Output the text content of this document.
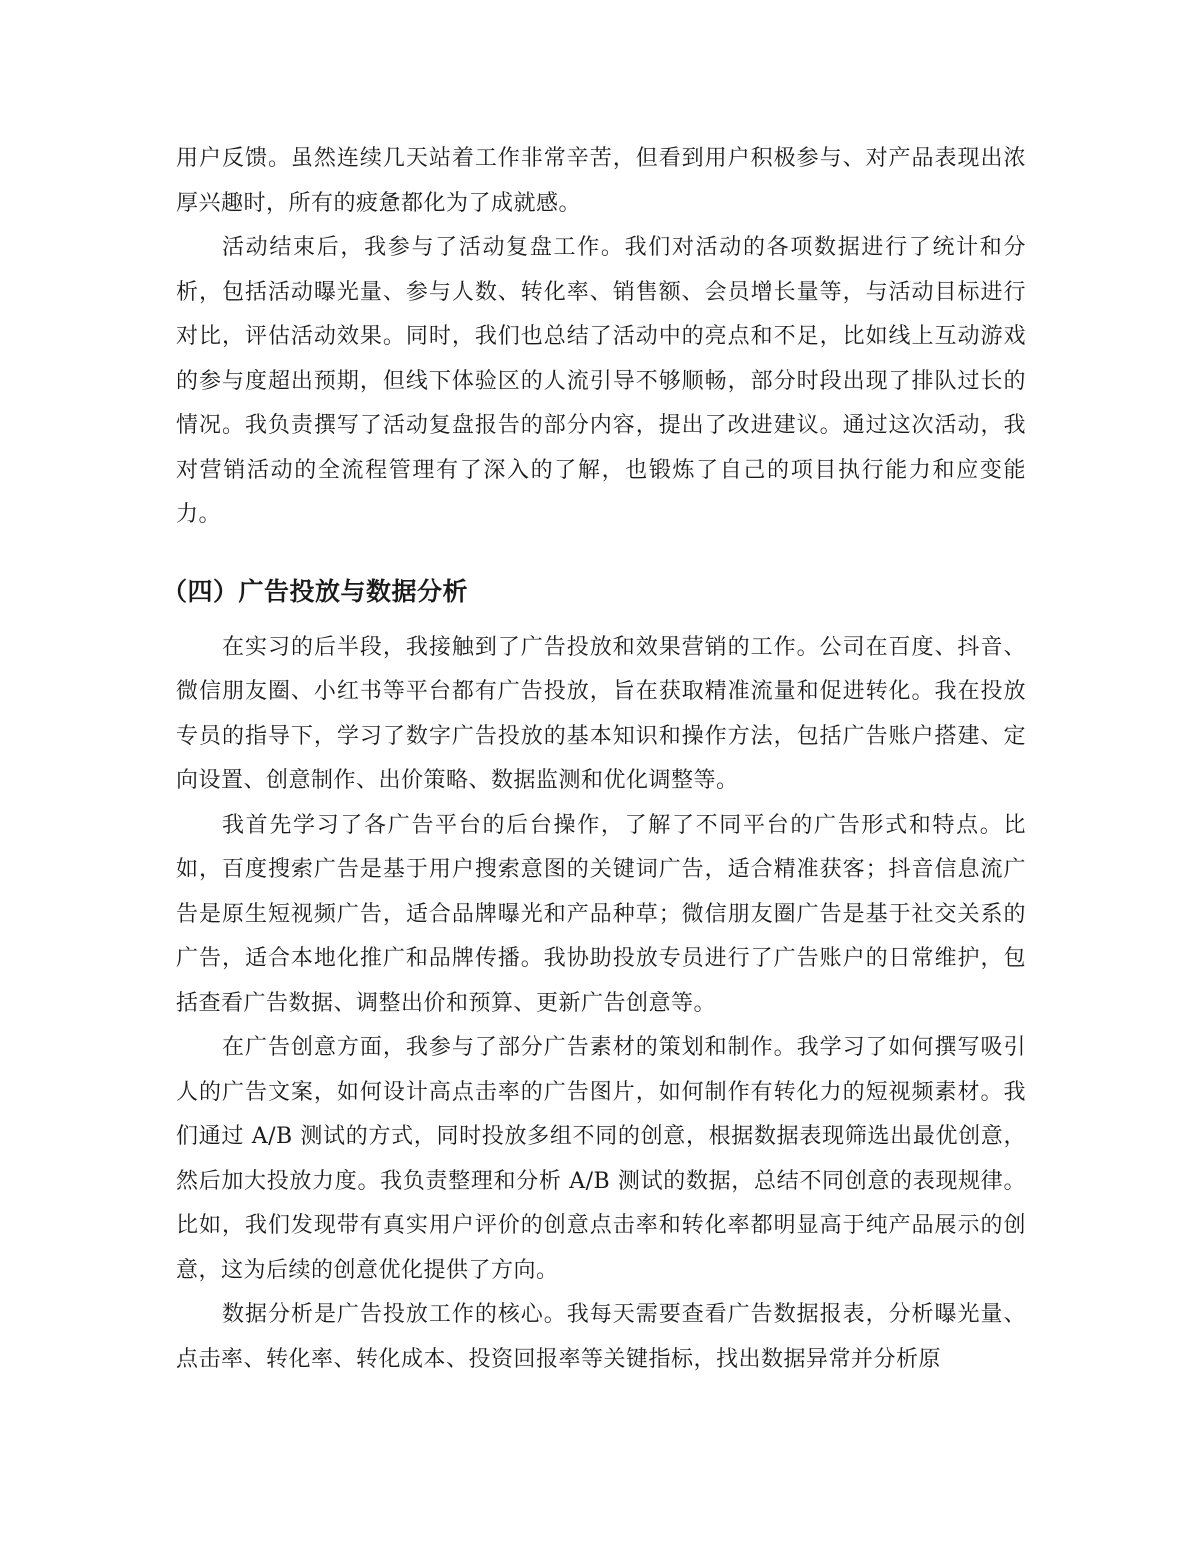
用户反馈。虽然连续几天站着工作非常辛苦，但看到用户积极参与、对产品表现出浓厚兴趣时，所有的疲惫都化为了成就感。

活动结束后，我参与了活动复盘工作。我们对活动的各项数据进行了统计和分析，包括活动曝光量、参与人数、转化率、销售额、会员增长量等，与活动目标进行对比，评估活动效果。同时，我们也总结了活动中的亮点和不足，比如线上互动游戏的参与度超出预期，但线下体验区的人流引导不够顺畅，部分时段出现了排队过长的情况。我负责撰写了活动复盘报告的部分内容，提出了改进建议。通过这次活动，我对营销活动的全流程管理有了深入的了解，也锻炼了自己的项目执行能力和应变能力。

（四）广告投放与数据分析

在实习的后半段，我接触到了广告投放和效果营销的工作。公司在百度、抖音、微信朋友圈、小红书等平台都有广告投放，旨在获取精准流量和促进转化。我在投放专员的指导下，学习了数字广告投放的基本知识和操作方法，包括广告账户搭建、定向设置、创意制作、出价策略、数据监测和优化调整等。

我首先学习了各广告平台的后台操作，了解了不同平台的广告形式和特点。比如，百度搜索广告是基于用户搜索意图的关键词广告，适合精准获客；抖音信息流广告是原生短视频广告，适合品牌曝光和产品种草；微信朋友圈广告是基于社交关系的广告，适合本地化推广和品牌传播。我协助投放专员进行了广告账户的日常维护，包括查看广告数据、调整出价和预算、更新广告创意等。

在广告创意方面，我参与了部分广告素材的策划和制作。我学习了如何撰写吸引人的广告文案，如何设计高点击率的广告图片，如何制作有转化力的短视频素材。我们通过 A/B 测试的方式，同时投放多组不同的创意，根据数据表现筛选出最优创意，然后加大投放力度。我负责整理和分析 A/B 测试的数据，总结不同创意的表现规律。比如，我们发现带有真实用户评价的创意点击率和转化率都明显高于纯产品展示的创意，这为后续的创意优化提供了方向。

数据分析是广告投放工作的核心。我每天需要查看广告数据报表，分析曝光量、点击率、转化率、转化成本、投资回报率等关键指标，找出数据异常并分析原
